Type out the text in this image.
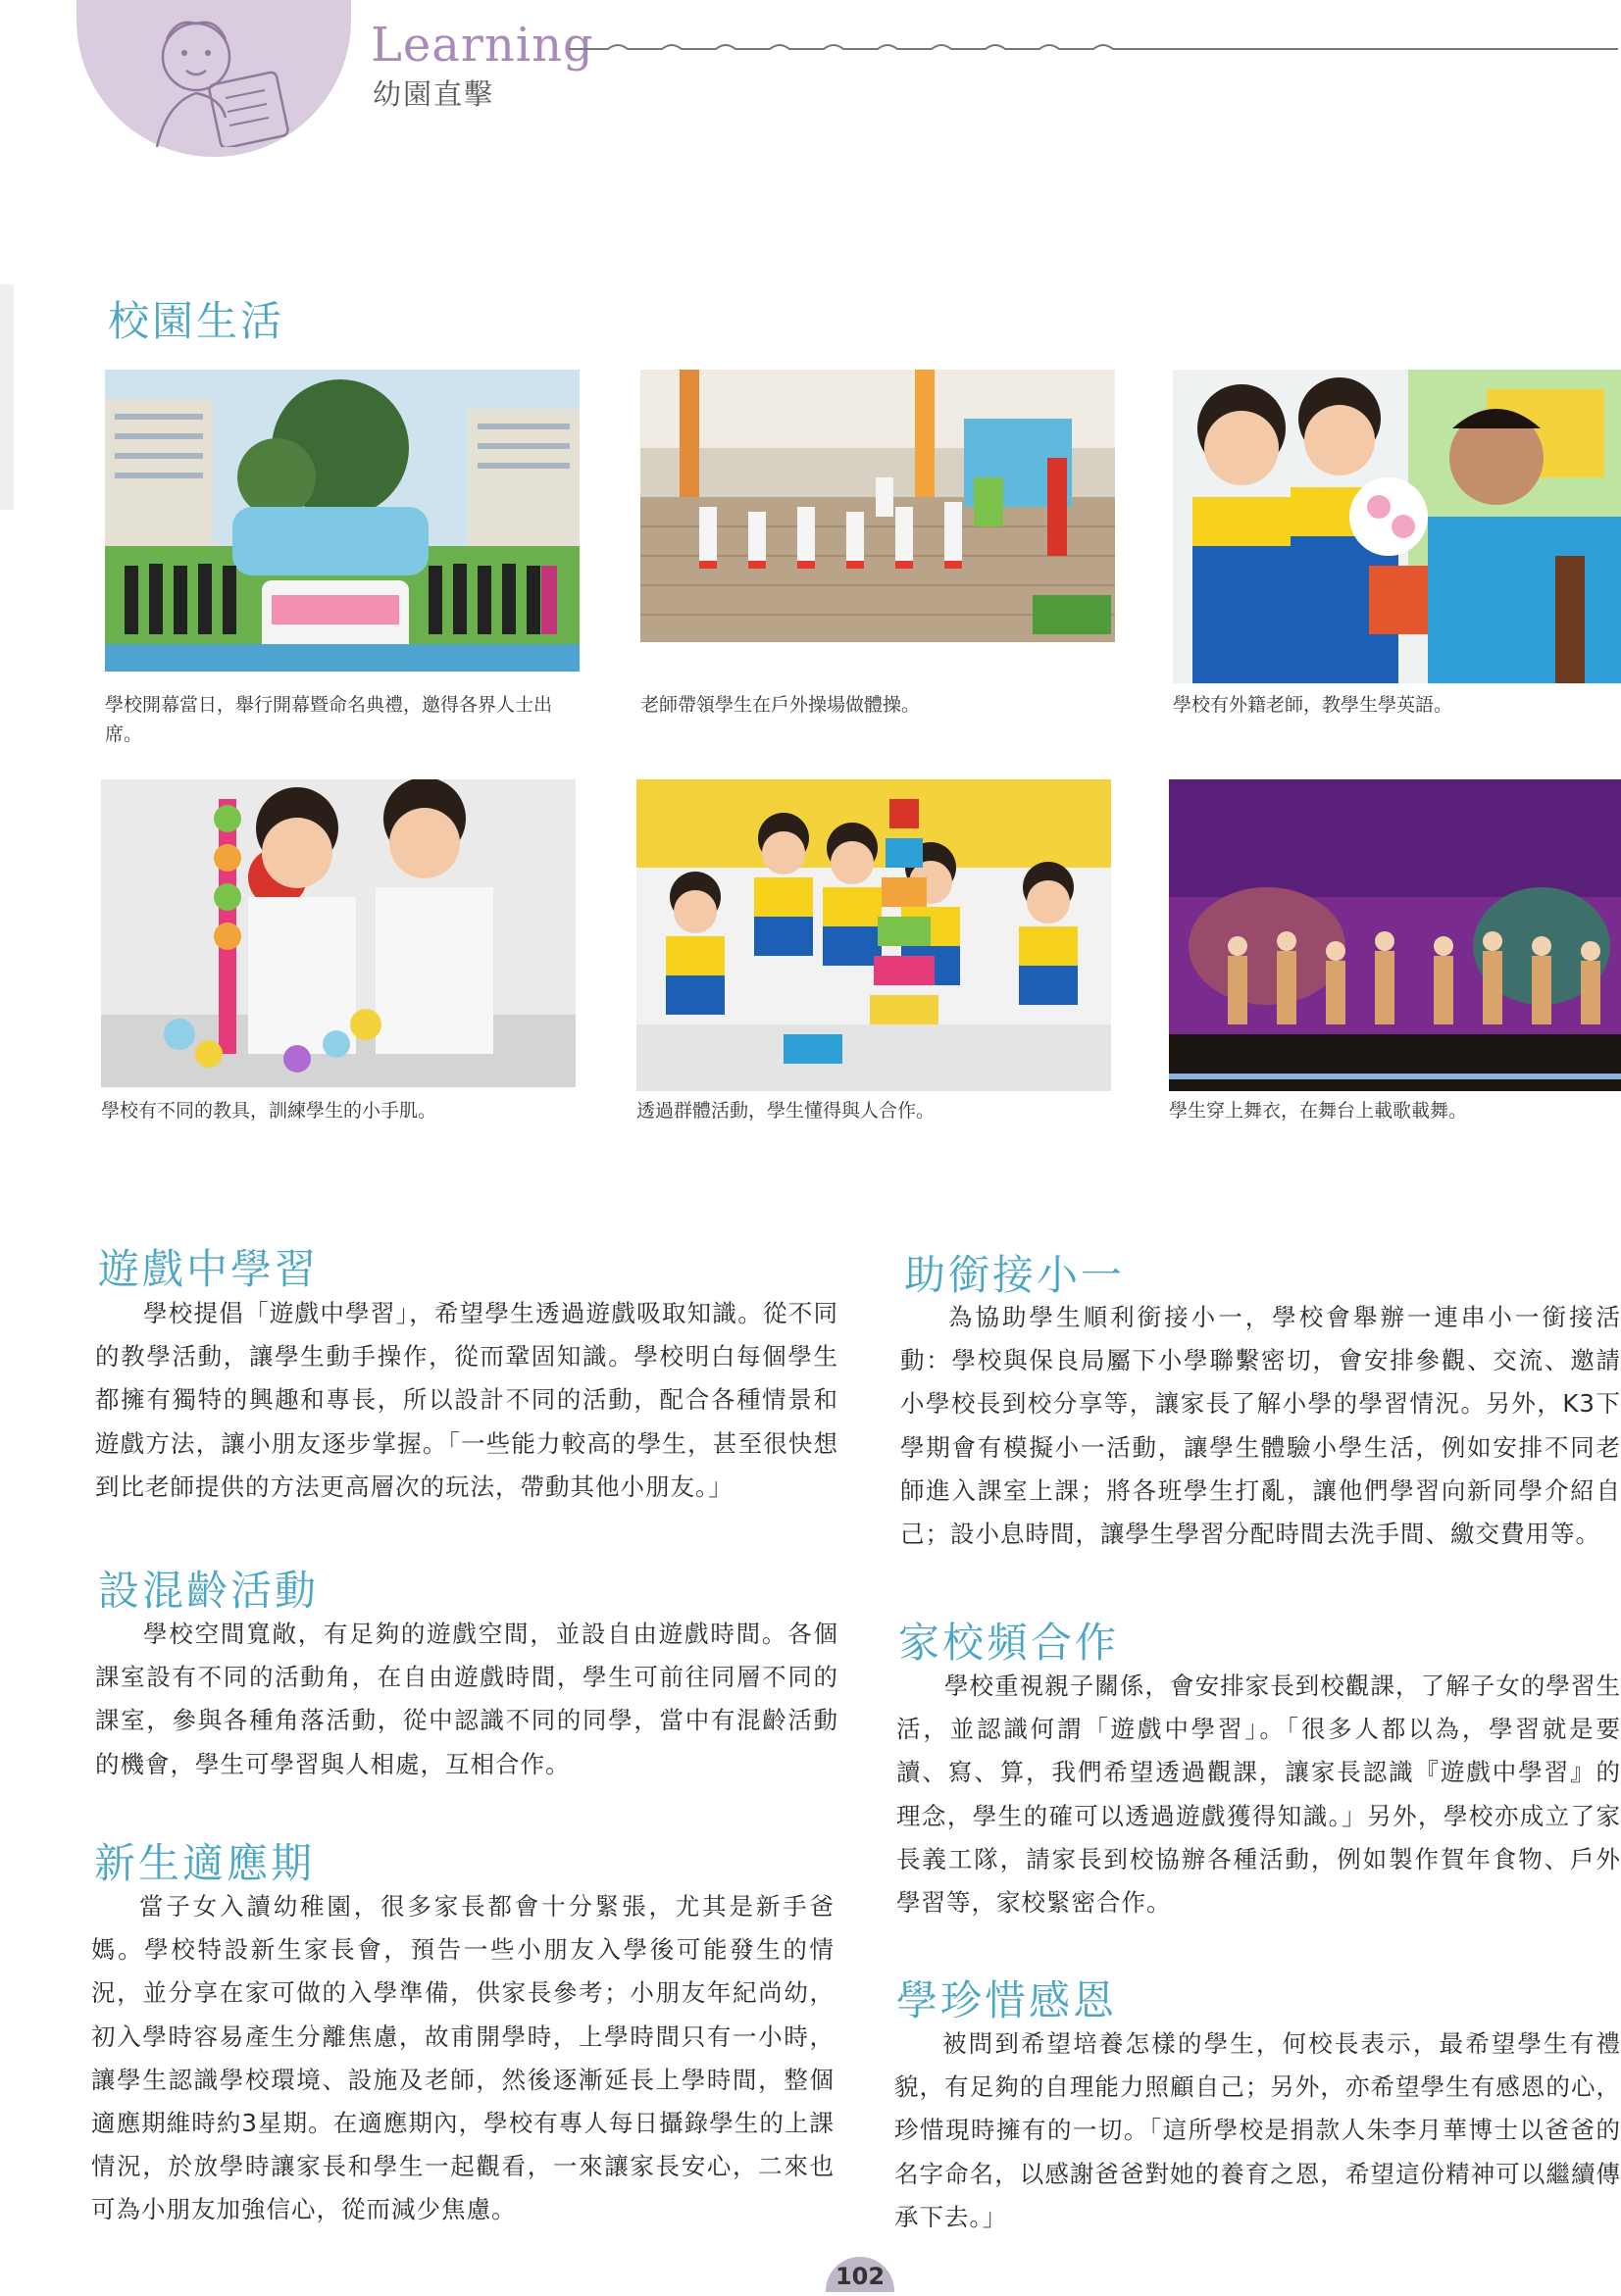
Learning
幼園直擊
校園生活
學校開幕當日，舉行開幕暨命名典禮，邀得各界人士出席。
老師帶領學生在戶外操場做體操。	學校有外籍老師，教學生學英語。
學校有不同的教具，訓練學生的小手肌。	透過群體活動，學生懂得與人合作。	學生穿上舞衣，在舞台上載歌載舞。
遊戲中學習
學校提倡「遊戲中學習」，希望學生透過遊戲吸取知識。從不同的教學活動，讓學生動手操作，從而鞏固知識。學校明白每個學生都擁有獨特的興趣和專長，所以設計不同的活動，配合各種情景和遊戲方法，讓小朋友逐步掌握。「一些能力較高的學生，甚至很快想到比老師提供的方法更高層次的玩法，帶動其他小朋友。」
設混齡活動
學校空間寬敞，有足夠的遊戲空間，並設自由遊戲時間。各個課室設有不同的活動角，在自由遊戲時間，學生可前往同層不同的課室，參與各種角落活動，從中認識不同的同學，當中有混齡活動的機會，學生可學習與人相處，互相合作。
新生適應期
當子女入讀幼稚園，很多家長都會十分緊張，尤其是新手爸媽。學校特設新生家長會，預告一些小朋友入學後可能發生的情況，並分享在家可做的入學準備，供家長參考；小朋友年紀尚幼，初入學時容易產生分離焦慮，故甫開學時，上學時間只有一小時，讓學生認識學校環境、設施及老師，然後逐漸延長上學時間，整個適應期維時約3星期。在適應期內，學校有專人每日攝錄學生的上課情況，於放學時讓家長和學生一起觀看，一來讓家長安心，二來也可為小朋友加強信心，從而減少焦慮。
助銜接小一
為協助學生順利銜接小一，學校會舉辦一連串小一銜接活動：學校與保良局屬下小學聯繫密切，會安排參觀、交流、邀請小學校長到校分享等，讓家長了解小學的學習情況。另外，K3下學期會有模擬小一活動，讓學生體驗小學生活，例如安排不同老師進入課室上課；將各班學生打亂，讓他們學習向新同學介紹自己；設小息時間，讓學生學習分配時間去洗手間、繳交費用等。
家校頻合作
學校重視親子關係，會安排家長到校觀課，了解子女的學習生活，並認識何謂「遊戲中學習」。「很多人都以為，學習就是要讀、寫、算，我們希望透過觀課，讓家長認識『遊戲中學習』的理念，學生的確可以透過遊戲獲得知識。」另外，學校亦成立了家長義工隊，請家長到校協辦各種活動，例如製作賀年食物、戶外學習等，家校緊密合作。
學珍惜感恩
被問到希望培養怎樣的學生，何校長表示，最希望學生有禮貌，有足夠的自理能力照顧自己；另外，亦希望學生有感恩的心，珍惜現時擁有的一切。「這所學校是捐款人朱李月華博士以爸爸的名字命名，以感謝爸爸對她的養育之恩，希望這份精神可以繼續傳承下去。」
102
